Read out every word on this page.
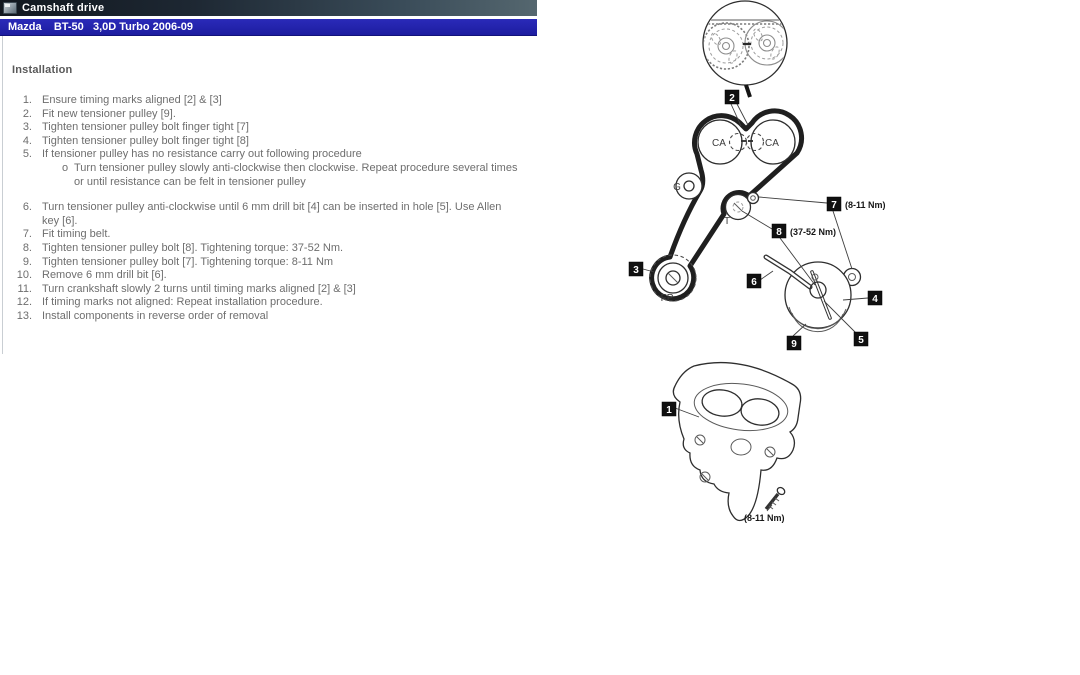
Camshaft drive
Mazda    BT-50   3,0D Turbo 2006-09
Installation
1. Ensure timing marks aligned [2] & [3]
2. Fit new tensioner pulley [9].
3. Tighten tensioner pulley bolt finger tight [7]
4. Tighten tensioner pulley bolt finger tight [8]
5. If tensioner pulley has no resistance carry out following procedure
o Turn tensioner pulley slowly anti-clockwise then clockwise. Repeat procedure several times or until resistance can be felt in tensioner pulley
6. Turn tensioner pulley anti-clockwise until 6 mm drill bit [4] can be inserted in hole [5]. Use Allen key [6].
7. Fit timing belt.
8. Tighten tensioner pulley bolt [8]. Tightening torque: 37-52 Nm.
9. Tighten tensioner pulley bolt [7]. Tightening torque: 8-11 Nm
10. Remove 6 mm drill bit [6].
11. Turn crankshaft slowly 2 turns until timing marks aligned [2] & [3]
12. If timing marks not aligned: Repeat installation procedure.
13. Install components in reverse order of removal
CA	CA
G
T
FP
2
7
8
3
6
4
5
9
1
(8-11 Nm)
(37-52 Nm)
(8-11 Nm)
